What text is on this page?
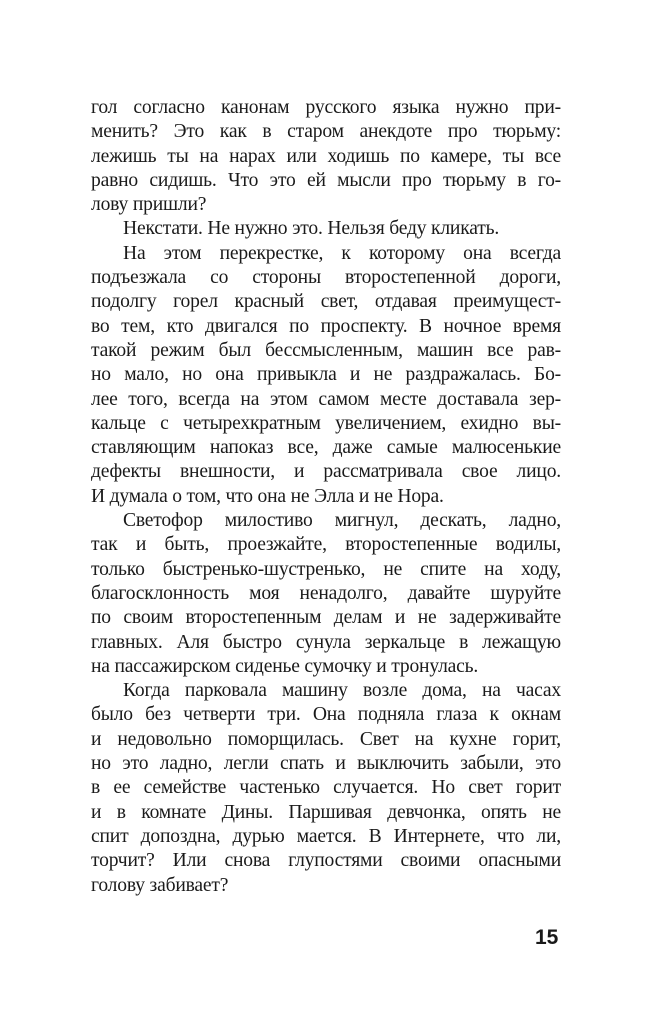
гол согласно канонам русского языка нужно при-
менить? Это как в старом анекдоте про тюрьму:
лежишь ты на нарах или ходишь по камере, ты все
равно сидишь. Что это ей мысли про тюрьму в го-
лову пришли?
Некстати. Не нужно это. Нельзя беду кликать.
На этом перекрестке, к которому она всегда
подъезжала со стороны второстепенной дороги,
подолгу горел красный свет, отдавая преимущест-
во тем, кто двигался по проспекту. В ночное время
такой режим был бессмысленным, машин все рав-
но мало, но она привыкла и не раздражалась. Бо-
лее того, всегда на этом самом месте доставала зер-
кальце с четырехкратным увеличением, ехидно вы-
ставляющим напоказ все, даже самые малюсенькие
дефекты внешности, и рассматривала свое лицо.
И думала о том, что она не Элла и не Нора.
Светофор милостиво мигнул, дескать, ладно,
так и быть, проезжайте, второстепенные водилы,
только быстренько-шустренько, не спите на ходу,
благосклонность моя ненадолго, давайте шуруйте
по своим второстепенным делам и не задерживайте
главных. Аля быстро сунула зеркальце в лежащую
на пассажирском сиденье сумочку и тронулась.
Когда парковала машину возле дома, на часах
было без четверти три. Она подняла глаза к окнам
и недовольно поморщилась. Свет на кухне горит,
но это ладно, легли спать и выключить забыли, это
в ее семействе частенько случается. Но свет горит
и в комнате Дины. Паршивая девчонка, опять не
спит допоздна, дурью мается. В Интернете, что ли,
торчит? Или снова глупостями своими опасными
голову забивает?
15
